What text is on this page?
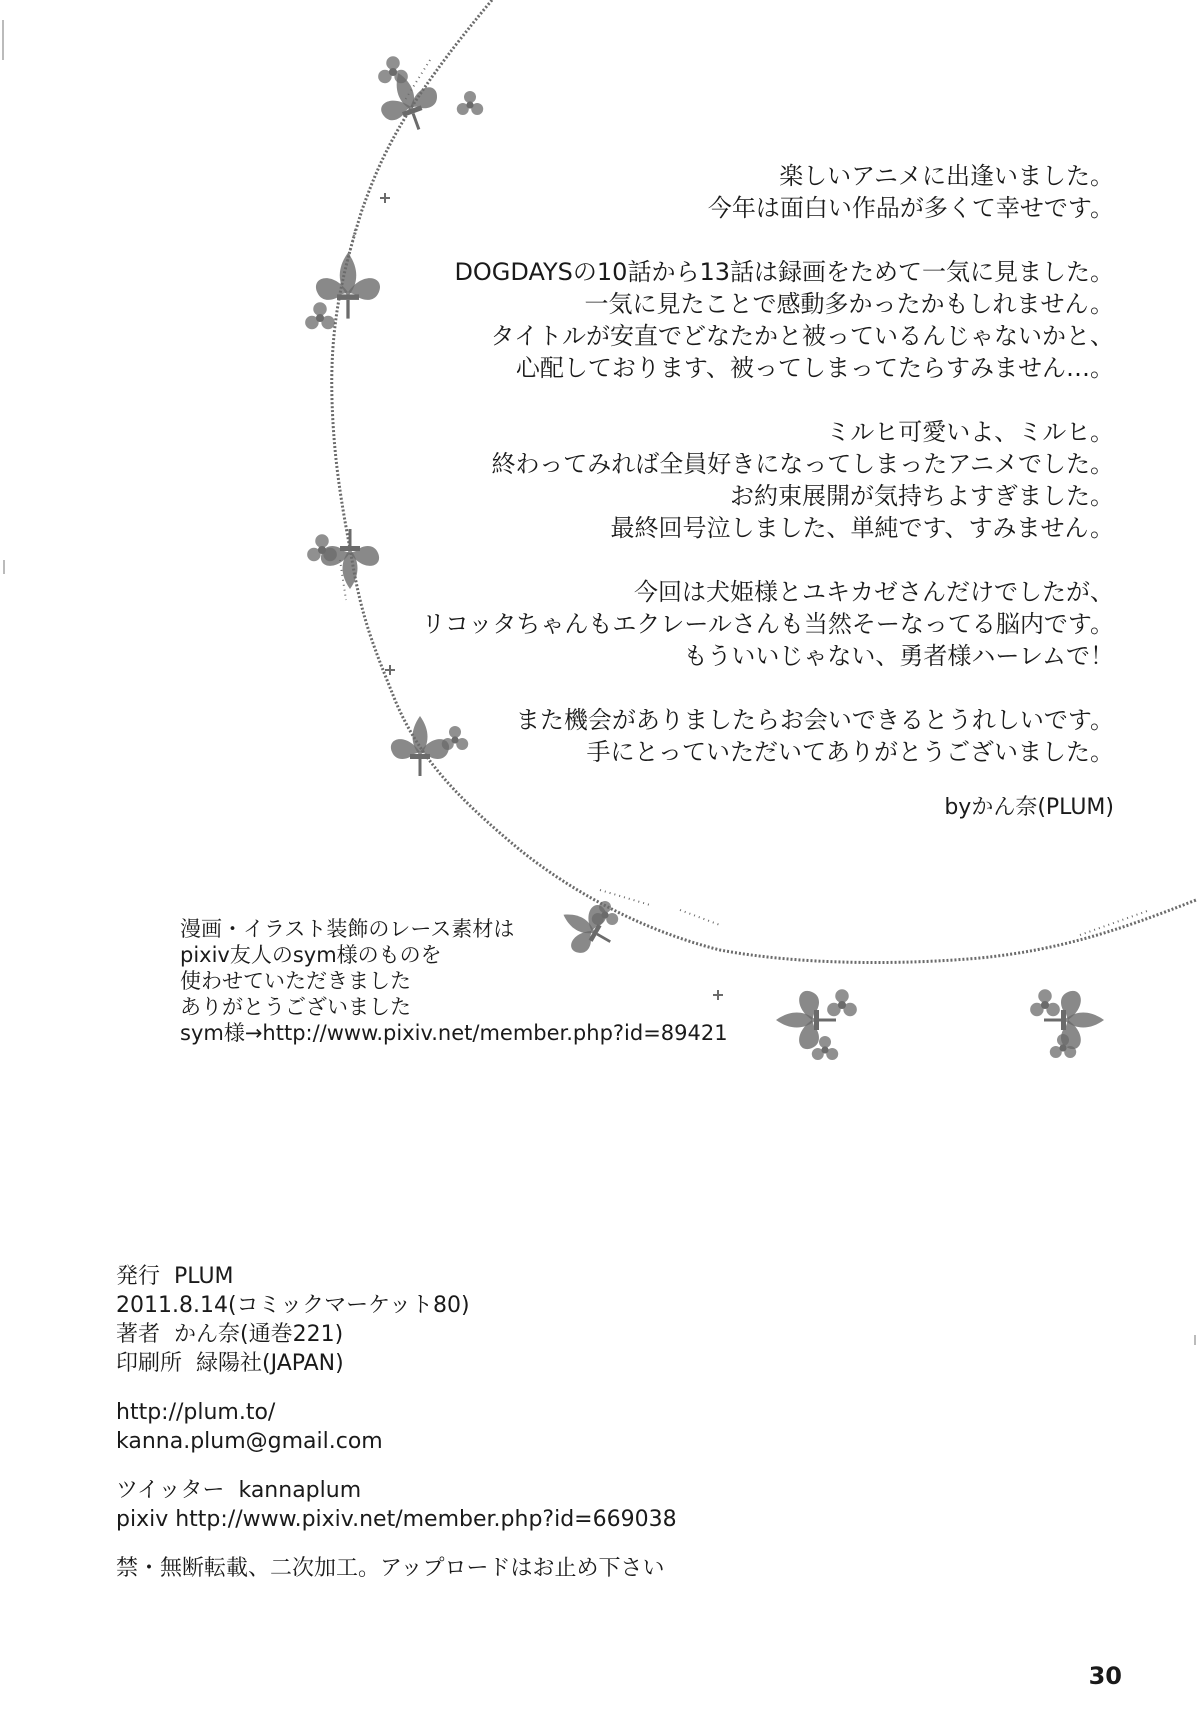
楽しいアニメに出逢いました。
今年は面白い作品が多くて幸せです。
DOGDAYSの10話から13話は録画をためて一気に見ました。
一気に見たことで感動多かったかもしれません。
タイトルが安直でどなたかと被っているんじゃないかと、
心配しております、被ってしまってたらすみません…。
ミルヒ可愛いよ、ミルヒ。
終わってみれば全員好きになってしまったアニメでした。
お約束展開が気持ちよすぎました。
最終回号泣しました、単純です、すみません。
今回は犬姫様とユキカゼさんだけでしたが、
リコッタちゃんもエクレールさんも当然そーなってる脳内です。
もういいじゃない、勇者様ハーレムで！
また機会がありましたらお会いできるとうれしいです。
手にとっていただいてありがとうございました。
byかん奈(PLUM)
漫画・イラスト装飾のレース素材は
pixiv友人のsym様のものを
使わせていただきました
ありがとうございました
sym様→http://www.pixiv.net/member.php?id=89421
発行 PLUM
2011.8.14(コミックマーケット80)
著者 かん奈(通巻221)
印刷所 緑陽社(JAPAN)
http://plum.to/
kanna.plum@gmail.com
ツイッター kannaplum
pixiv http://www.pixiv.net/member.php?id=669038
禁・無断転載、二次加工。アップロードはお止め下さい
30
